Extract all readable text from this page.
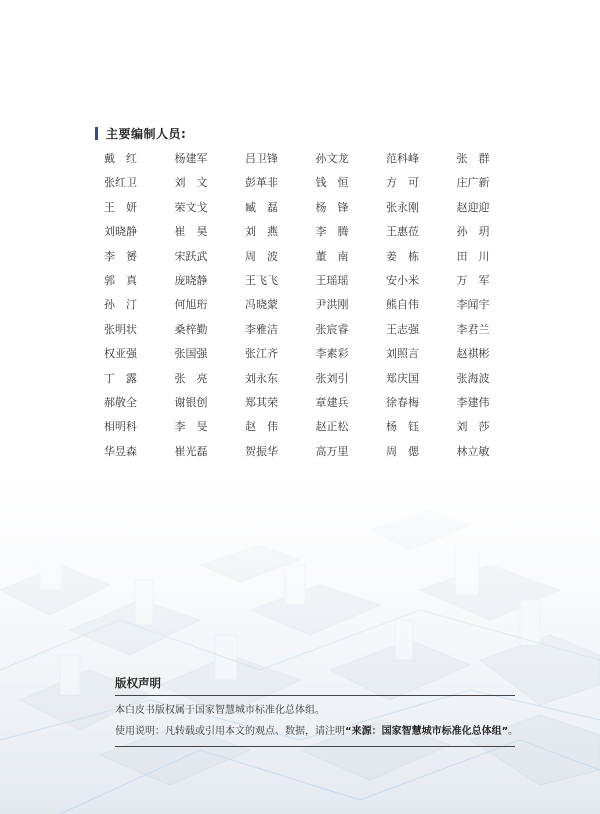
主要编制人员:
戴　红	杨建军	吕卫锋	孙文龙	范科峰	张　群
张红卫	刘　文	彭革非	钱　恒	方　可	庄广新
王　妍	荣文戈	臧　磊	杨　锋	张永刚	赵迎迎
刘晓静	崔　昊	刘　燕	李　腾	王惠莅	孙　玥
李　赟	宋跃武	周　波	董　南	姜　栋	田　川
郭　真	庞晓静	王飞飞	王瑶瑶	安小米	万　军
孙　汀	何旭珩	冯晓蒙	尹洪刚	熊自伟	李闻宇
张明状	桑梓勤	李雅洁	张宸睿	王志强	李君兰
权亚强	张国强	张江齐	李素彩	刘照言	赵祺彬
丁　露	张　亮	刘永东	张刘引	郑庆国	张海波
郝敬全	谢银创	郑其荣	章建兵	徐春梅	李建伟
相明科	李　旻	赵　伟	赵正松	杨　钰	刘　莎
华昱森	崔光磊	贺振华	高万里	周　偲	林立敏
版权声明
本白皮书版权属于国家智慧城市标准化总体组。
使用说明：凡转载或引用本文的观点、数据，请注明“来源：国家智慧城市标准化总体组”。
